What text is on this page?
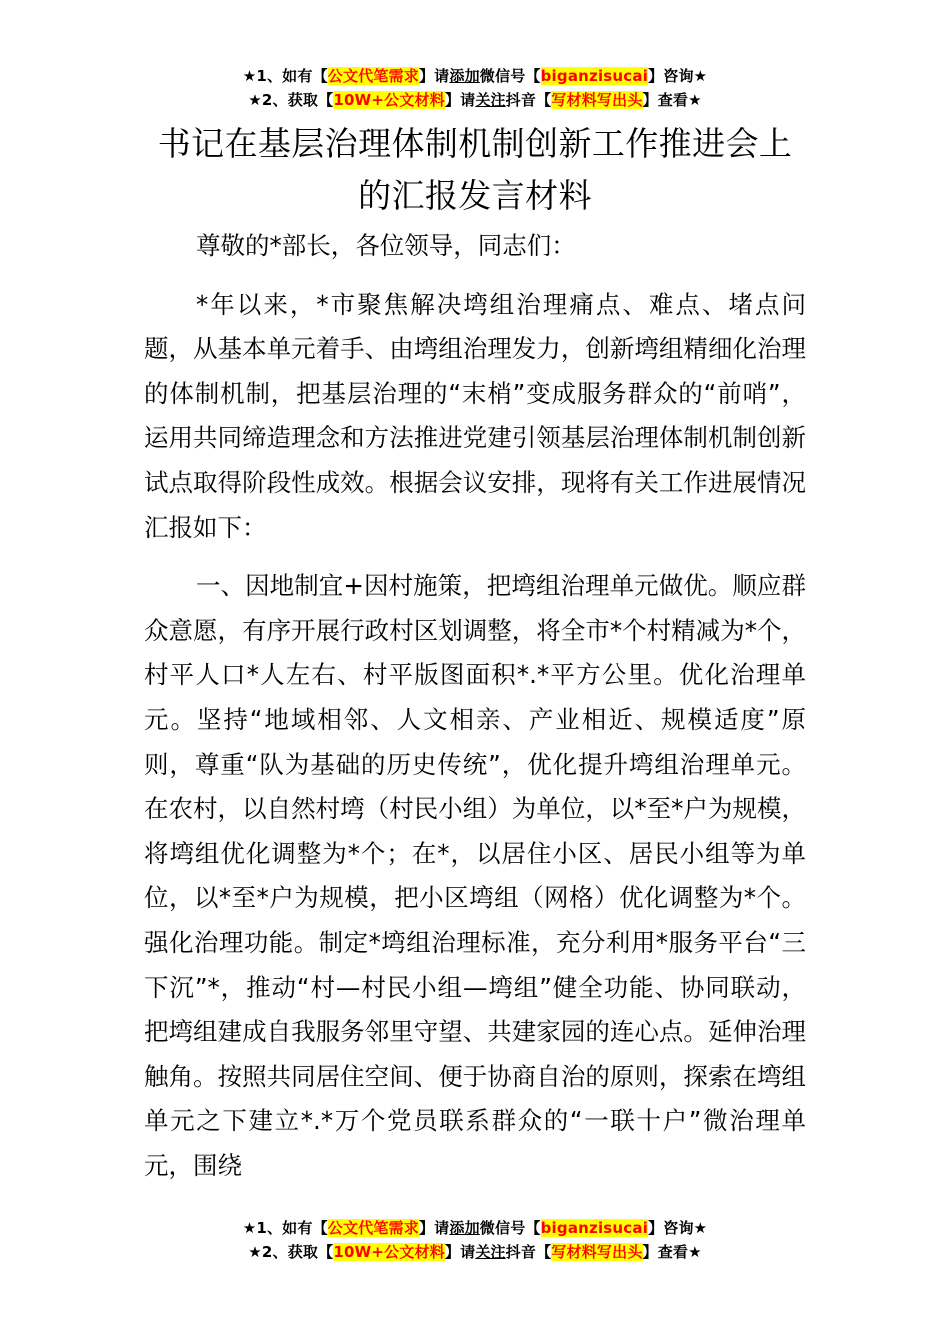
★1、如有【公文代笔需求】请添加微信号【biganzisucai】咨询★
★2、获取【10W+公文材料】请关注抖音【写材料写出头】查看★
书记在基层治理体制机制创新工作推进会上
的汇报发言材料

尊敬的*部长，各位领导，同志们：

*年以来，*市聚焦解决塆组治理痛点、难点、堵点问题，从基本单元着手、由塆组治理发力，创新塆组精细化治理的体制机制，把基层治理的“末梢”变成服务群众的“前哨”，运用共同缔造理念和方法推进党建引领基层治理体制机制创新试点取得阶段性成效。根据会议安排，现将有关工作进展情况汇报如下：

一、因地制宜+因村施策，把塆组治理单元做优。顺应群众意愿，有序开展行政村区划调整，将全市*个村精减为*个，村平人口*人左右、村平版图面积*.*平方公里。优化治理单元。坚持“地域相邻、人文相亲、产业相近、规模适度”原则，尊重“队为基础的历史传统”，优化提升塆组治理单元。在农村，以自然村塆（村民小组）为单位，以*至*户为规模，将塆组优化调整为*个；在*，以居住小区、居民小组等为单位，以*至*户为规模，把小区塆组（网格）优化调整为*个。强化治理功能。制定*塆组治理标准，充分利用*服务平台“三下沉”*，推动“村—村民小组—塆组”健全功能、协同联动，把塆组建成自我服务邻里守望、共建家园的连心点。延伸治理触角。按照共同居住空间、便于协商自治的原则，探索在塆组单元之下建立*.*万个党员联系群众的“一联十户”微治理单元，围绕

★1、如有【公文代笔需求】请添加微信号【biganzisucai】咨询★
★2、获取【10W+公文材料】请关注抖音【写材料写出头】查看★
